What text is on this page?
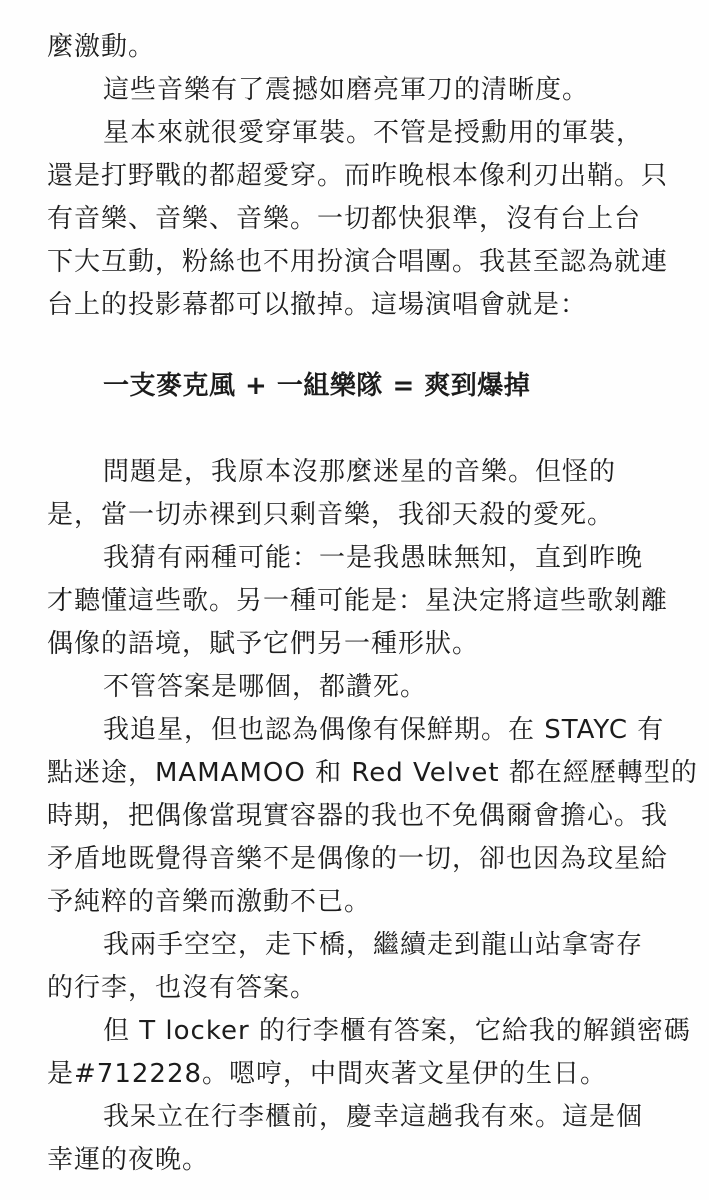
麼激動。
這些音樂有了震撼如磨亮軍刀的清晰度。
星本來就很愛穿軍裝。不管是授勳用的軍裝，
還是打野戰的都超愛穿。而昨晚根本像利刃出鞘。只
有音樂、音樂、音樂。一切都快狠準，沒有台上台
下大互動，粉絲也不用扮演合唱團。我甚至認為就連
台上的投影幕都可以撤掉。這場演唱會就是：
一支麥克風 + 一組樂隊 = 爽到爆掉
問題是，我原本沒那麼迷星的音樂。但怪的
是，當一切赤裸到只剩音樂，我卻天殺的愛死。
我猜有兩種可能：一是我愚昧無知，直到昨晚
才聽懂這些歌。另一種可能是：星決定將這些歌剝離
偶像的語境，賦予它們另一種形狀。
不管答案是哪個，都讚死。
我追星，但也認為偶像有保鮮期。在 STAYC 有
點迷途，MAMAMOO 和 Red Velvet 都在經歷轉型的
時期，把偶像當現實容器的我也不免偶爾會擔心。我
矛盾地既覺得音樂不是偶像的一切，卻也因為玟星給
予純粹的音樂而激動不已。
我兩手空空，走下橋，繼續走到龍山站拿寄存
的行李，也沒有答案。
但 T locker 的行李櫃有答案，它給我的解鎖密碼
是#712228。嗯哼，中間夾著文星伊的生日。
我呆立在行李櫃前，慶幸這趟我有來。這是個
幸運的夜晚。
